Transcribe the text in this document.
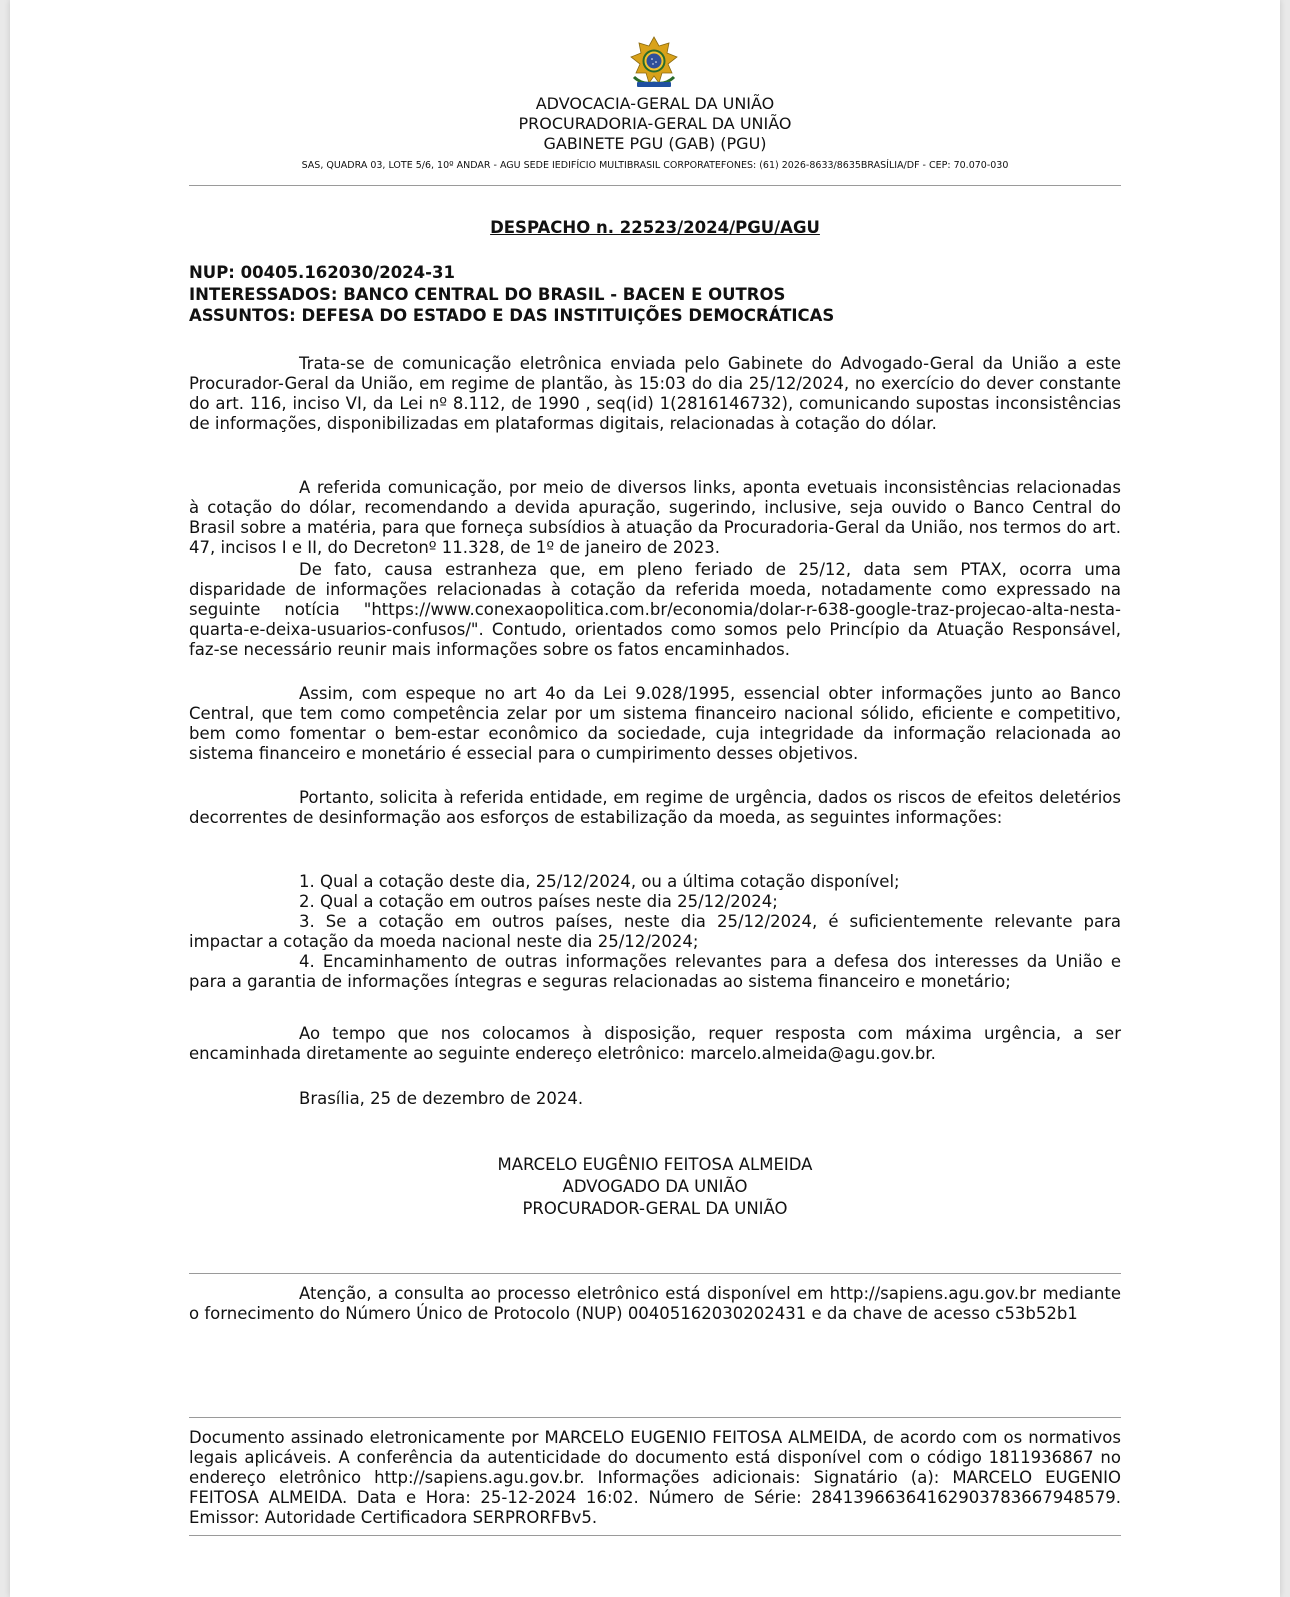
ADVOCACIA-GERAL DA UNIÃO
PROCURADORIA-GERAL DA UNIÃO
GABINETE PGU (GAB) (PGU)
SAS, QUADRA 03, LOTE 5/6, 10º ANDAR - AGU SEDE IEDIFÍCIO MULTIBRASIL CORPORATEFONES: (61) 2026-8633/8635BRASÍLIA/DF - CEP: 70.070-030
DESPACHO n. 22523/2024/PGU/AGU
NUP: 00405.162030/2024-31
INTERESSADOS: BANCO CENTRAL DO BRASIL - BACEN E OUTROS
ASSUNTOS: DEFESA DO ESTADO E DAS INSTITUIÇÕES DEMOCRÁTICAS
Trata-se de comunicação eletrônica enviada pelo Gabinete do Advogado-Geral da União a este Procurador-Geral da União, em regime de plantão, às 15:03 do dia 25/12/2024, no exercício do dever constante do art. 116, inciso VI, da Lei nº 8.112, de 1990 , seq(id) 1(2816146732), comunicando supostas inconsistências de informações, disponibilizadas em plataformas digitais, relacionadas à cotação do dólar.
A referida comunicação, por meio de diversos links, aponta evetuais inconsistências relacionadas à cotação do dólar, recomendando a devida apuração, sugerindo, inclusive, seja ouvido o Banco Central do Brasil sobre a matéria, para que forneça subsídios à atuação da Procuradoria-Geral da União, nos termos do art. 47, incisos I e II, do Decretonº 11.328, de 1º de janeiro de 2023.
De fato, causa estranheza que, em pleno feriado de 25/12, data sem PTAX, ocorra uma disparidade de informações relacionadas à cotação da referida moeda, notadamente como expressado na seguinte notícia "https://www.conexaopolitica.com.br/economia/dolar-r-638-google-traz-projecao-alta-nesta-quarta-e-deixa-usuarios-confusos/". Contudo, orientados como somos pelo Princípio da Atuação Responsável, faz-se necessário reunir mais informações sobre os fatos encaminhados.
Assim, com espeque no art 4o da Lei 9.028/1995, essencial obter informações junto ao Banco Central, que tem como competência zelar por um sistema financeiro nacional sólido, eficiente e competitivo, bem como fomentar o bem-estar econômico da sociedade, cuja integridade da informação relacionada ao sistema financeiro e monetário é essecial para o cumpirimento desses objetivos.
Portanto, solicita à referida entidade, em regime de urgência, dados os riscos de efeitos deletérios decorrentes de desinformação aos esforços de estabilização da moeda, as seguintes informações:
1. Qual a cotação deste dia, 25/12/2024, ou a última cotação disponível;
2. Qual a cotação em outros países neste dia 25/12/2024;
3. Se a cotação em outros países, neste dia 25/12/2024, é suficientemente relevante para impactar a cotação da moeda nacional neste dia 25/12/2024;
4. Encaminhamento de outras informações relevantes para a defesa dos interesses da União e para a garantia de informações íntegras e seguras relacionadas ao sistema financeiro e monetário;
Ao tempo que nos colocamos à disposição, requer resposta com máxima urgência, a ser encaminhada diretamente ao seguinte endereço eletrônico: marcelo.almeida@agu.gov.br.
Brasília, 25 de dezembro de 2024.
MARCELO EUGÊNIO FEITOSA ALMEIDA
ADVOGADO DA UNIÃO
PROCURADOR-GERAL DA UNIÃO
Atenção, a consulta ao processo eletrônico está disponível em http://sapiens.agu.gov.br mediante o fornecimento do Número Único de Protocolo (NUP) 00405162030202431 e da chave de acesso c53b52b1
Documento assinado eletronicamente por MARCELO EUGENIO FEITOSA ALMEIDA, de acordo com os normativos legais aplicáveis. A conferência da autenticidade do documento está disponível com o código 1811936867 no endereço eletrônico http://sapiens.agu.gov.br. Informações adicionais: Signatário (a): MARCELO EUGENIO FEITOSA ALMEIDA. Data e Hora: 25-12-2024 16:02. Número de Série: 28413966364162903783667948579. Emissor: Autoridade Certificadora SERPRORFBv5.
